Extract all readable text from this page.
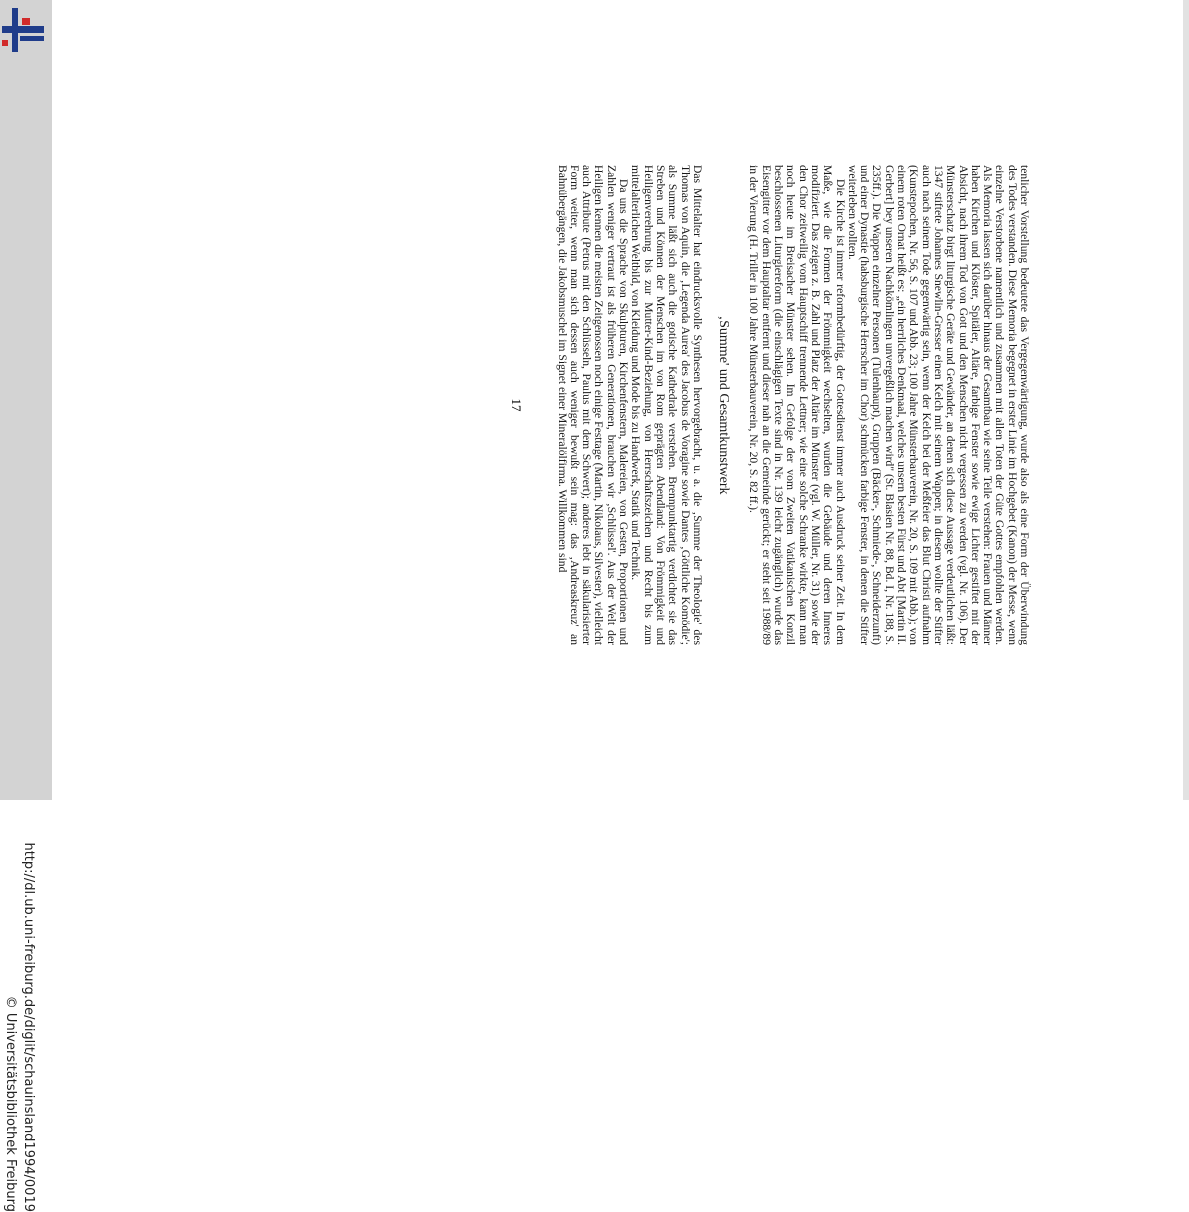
http://dl.ub.uni-freiburg.de/diglit/schauinsland1994/0019
© Universitätsbibliothek Freiburg

tenlicher Vorstellung bedeutete das Vergegenwärtigung, wurde also als eine Form der Überwindung des Todes verstanden. Diese Memoria begegnet in erster Linie im Hochgebet (Kanon) der Messe, wenn einzelne Verstorbene namentlich und zusammen mit allen Toten der Güte Gottes empfohlen werden. Als Memoria lassen sich darüber hinaus der Gesamtbau wie seine Teile verstehen: Frauen und Männer haben Kirchen und Klöster, Spitäler, Altäre, farbige Fenster sowie ewige Lichter gestiftet mit der Absicht, nach ihrem Tod von Gott und den Menschen nicht vergessen zu werden (vgl. Nr. 106). Der Münsterschatz birgt liturgische Geräte und Gewänder, an denen sich diese Aussage verdeutlichen läßt: 1347 stiftete Johannes Snewlin-Gresser einen Kelch mit seinem Wappen; in diesem wollte der Stifter auch nach seinem Tode gegenwärtig sein, wenn der Kelch bei der Meßfeier das Blut Christi aufnahm (Kunstepochen, Nr. 56, S. 107 und Abb. 23; 100 Jahre Münsterbauverein, Nr. 20, S. 109 mit Abb.); von einem roten Ornat heißt es: „ein herrliches Denkmaal, welches unsern besten Fürst und Abt [Martin II. Gerbert] bey unseren Nachkömlingen unvergeßlich machen wird" (St. Blasien Nr. 88, Bd. I, Nr. 188, S. 235ff.). Die Wappen einzelner Personen (Tulenhaupt), Gruppen (Bäcker-, Schmiede-, Schneiderzunft) und einer Dynastie (habsburgische Herrscher im Chor) schmücken farbige Fenster, in denen die Stifter weiterleben wollten.

Die Kirche ist immer reformbedürftig, der Gottesdienst immer auch Ausdruck seiner Zeit. In dem Maße, wie die Formen der Frömmigkeit wechselten, wurden die Gebäude und deren Inneres modifiziert. Das zeigen z. B. Zahl und Platz der Altäre im Münster (vgl. W. Müller, Nr. 31) sowie der den Chor zeitweilig vom Hauptschiff trennende Lettner; wie eine solche Schranke wirkte, kann man noch heute im Breisacher Münster sehen. Im Gefolge der vom Zweiten Vatikanischen Konzil beschlossenen Liturgiereform (die einschlägigen Texte sind in Nr. 139 leicht zugänglich) wurde das Eisengitter vor dem Hauptaltar entfernt und dieser nah an die Gemeinde gerückt; er steht seit 1988/89 in der Vierung (H. Triller in 100 Jahre Münsterbauverein, Nr. 20, S. 82 ff.).

‚Summe' und Gesamtkunstwerk

Das Mittelalter hat eindrucksvolle Synthesen hervorgebracht, u. a. die ‚Summe der Theologie' des Thomas von Aquin, die ‚Legenda Aurea' des Jacobus de Voragine sowie Dantes ‚Göttliche Komödie'; als Summe läßt sich auch die gotische Kathedrale verstehen. Brennpunktartig verdichtet sie das Streben und Können der Menschen im von Rom geprägten Abendland: Von Frömmigkeit und Heiligenverehrung bis zur Mutter-Kind-Beziehung, von Herrschaftszeichen und Recht bis zum mittelalterlichen Weltbild, von Kleidung und Mode bis zu Handwerk, Statik und Technik.

Da uns die Sprache von Skulpturen, Kirchenfenstern, Malereien, von Gesten, Proportionen und Zahlen weniger vertraut ist als früheren Generationen, brauchen wir ‚Schlüssel'. Aus der Welt der Heiligen kennen die meisten Zeitgenossen noch einige Festtage (Martin, Nikolaus, Silvester), vielleicht auch Attribute (Petrus mit den Schlüsseln, Paulus mit dem Schwert); anderes lebt in säkularisierter Form weiter, wenn man sich dessen auch weniger bewußt sein mag: das ‚Andreaskreuz' an Bahnübergängen, die Jakobsmuschel im Signet einer Mineralölfirma. Willkommen sind

17
